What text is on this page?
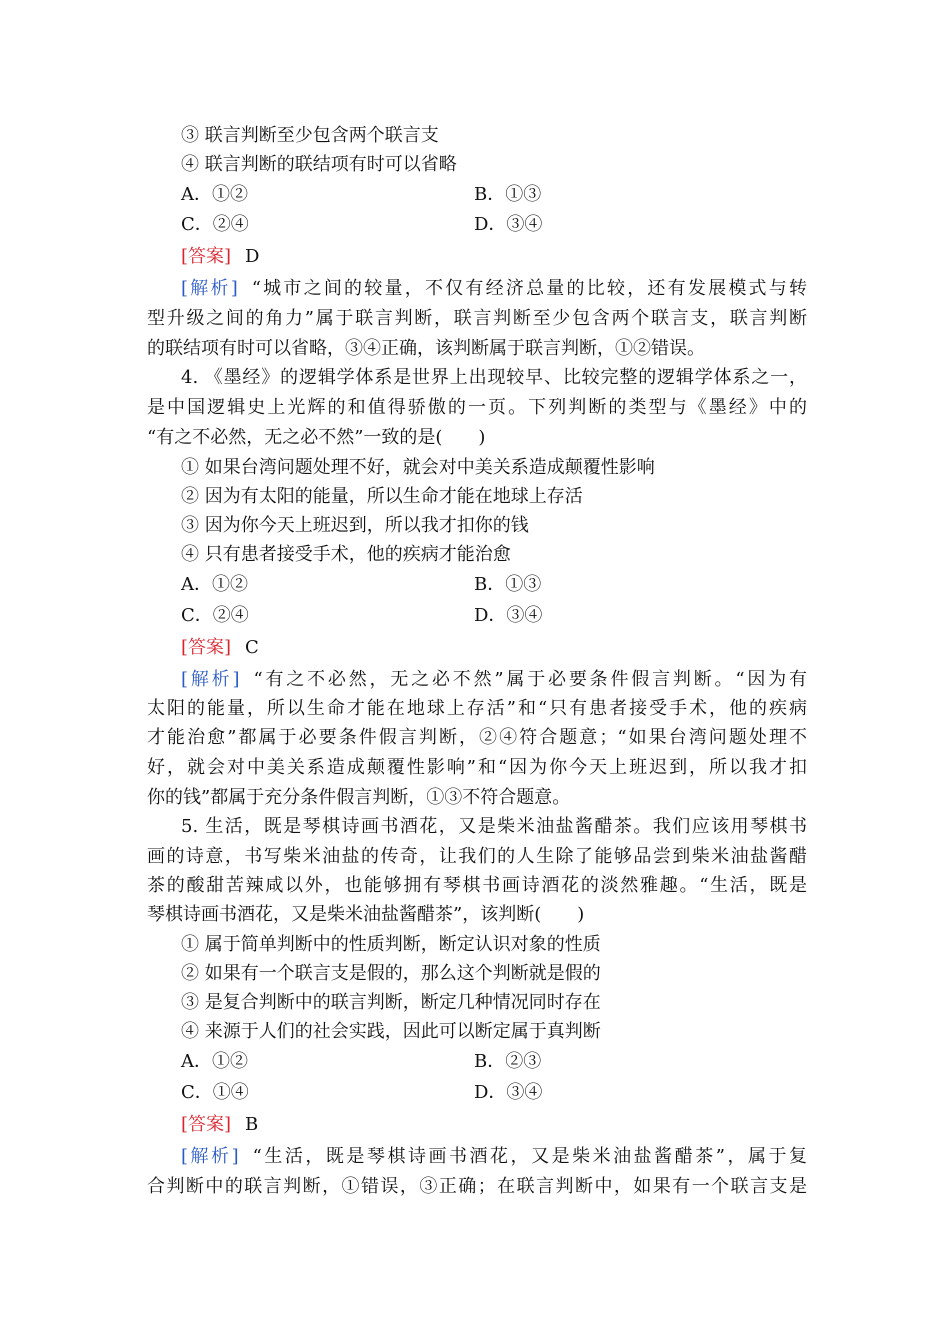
③ 联言判断至少包含两个联言支
④ 联言判断的联结项有时可以省略
A．①②	B．①③
C．②④	D．③④
[答案] D
[解析] “城市之间的较量，不仅有经济总量的比较，还有发展模式与转
型升级之间的角力”属于联言判断，联言判断至少包含两个联言支，联言判断
的联结项有时可以省略，③④正确，该判断属于联言判断，①②错误。
4. 《墨经》的逻辑学体系是世界上出现较早、比较完整的逻辑学体系之一，
是中国逻辑史上光辉的和值得骄傲的一页。下列判断的类型与《墨经》中的
“有之不必然，无之必不然”一致的是(　　)
① 如果台湾问题处理不好，就会对中美关系造成颠覆性影响
② 因为有太阳的能量，所以生命才能在地球上存活
③ 因为你今天上班迟到，所以我才扣你的钱
④ 只有患者接受手术，他的疾病才能治愈
A．①②	B．①③
C．②④	D．③④
[答案] C
[解析] “有之不必然，无之必不然”属于必要条件假言判断。“因为有
太阳的能量，所以生命才能在地球上存活”和“只有患者接受手术，他的疾病
才能治愈”都属于必要条件假言判断，②④符合题意；“如果台湾问题处理不
好，就会对中美关系造成颠覆性影响”和“因为你今天上班迟到，所以我才扣
你的钱”都属于充分条件假言判断，①③不符合题意。
5. 生活，既是琴棋诗画书酒花，又是柴米油盐酱醋茶。我们应该用琴棋书
画的诗意，书写柴米油盐的传奇，让我们的人生除了能够品尝到柴米油盐酱醋
茶的酸甜苦辣咸以外，也能够拥有琴棋书画诗酒花的淡然雅趣。“生活，既是
琴棋诗画书酒花，又是柴米油盐酱醋茶”，该判断(　　)
① 属于简单判断中的性质判断，断定认识对象的性质
② 如果有一个联言支是假的，那么这个判断就是假的
③ 是复合判断中的联言判断，断定几种情况同时存在
④ 来源于人们的社会实践，因此可以断定属于真判断
A．①②	B．②③
C．①④	D．③④
[答案] B
[解析] “生活，既是琴棋诗画书酒花，又是柴米油盐酱醋茶”，属于复
合判断中的联言判断，①错误，③正确；在联言判断中，如果有一个联言支是
